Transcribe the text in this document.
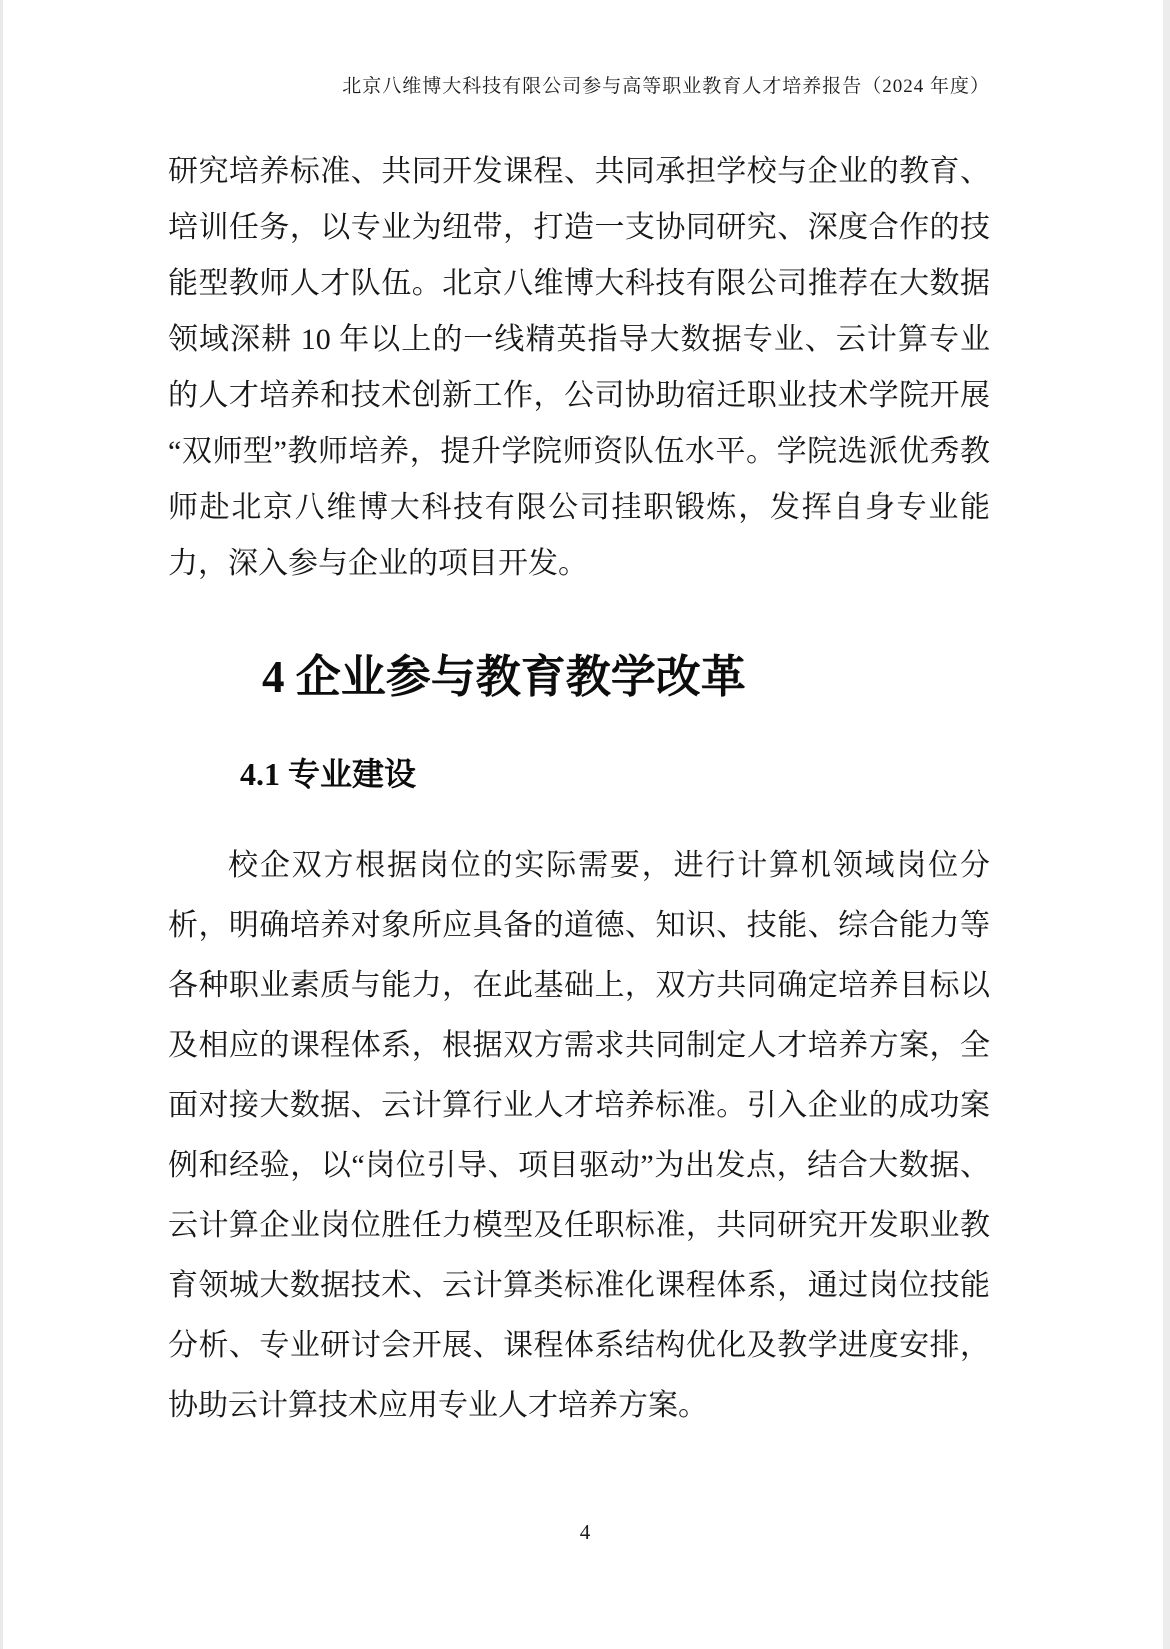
北京八维博大科技有限公司参与高等职业教育人才培养报告（2024 年度）
研究培养标准、共同开发课程、共同承担学校与企业的教育、培训任务，以专业为纽带，打造一支协同研究、深度合作的技能型教师人才队伍。北京八维博大科技有限公司推荐在大数据领域深耕 10 年以上的一线精英指导大数据专业、云计算专业的人才培养和技术创新工作，公司协助宿迁职业技术学院开展“双师型”教师培养，提升学院师资队伍水平。学院选派优秀教师赴北京八维博大科技有限公司挂职锻炼，发挥自身专业能力，深入参与企业的项目开发。
4 企业参与教育教学改革
4.1 专业建设
校企双方根据岗位的实际需要，进行计算机领域岗位分析，明确培养对象所应具备的道德、知识、技能、综合能力等各种职业素质与能力，在此基础上，双方共同确定培养目标以及相应的课程体系，根据双方需求共同制定人才培养方案，全面对接大数据、云计算行业人才培养标准。引入企业的成功案例和经验，以“岗位引导、项目驱动”为出发点，结合大数据、云计算企业岗位胜任力模型及任职标准，共同研究开发职业教育领城大数据技术、云计算类标准化课程体系，通过岗位技能分析、专业研讨会开展、课程体系结构优化及教学进度安排，协助云计算技术应用专业人才培养方案。
4
